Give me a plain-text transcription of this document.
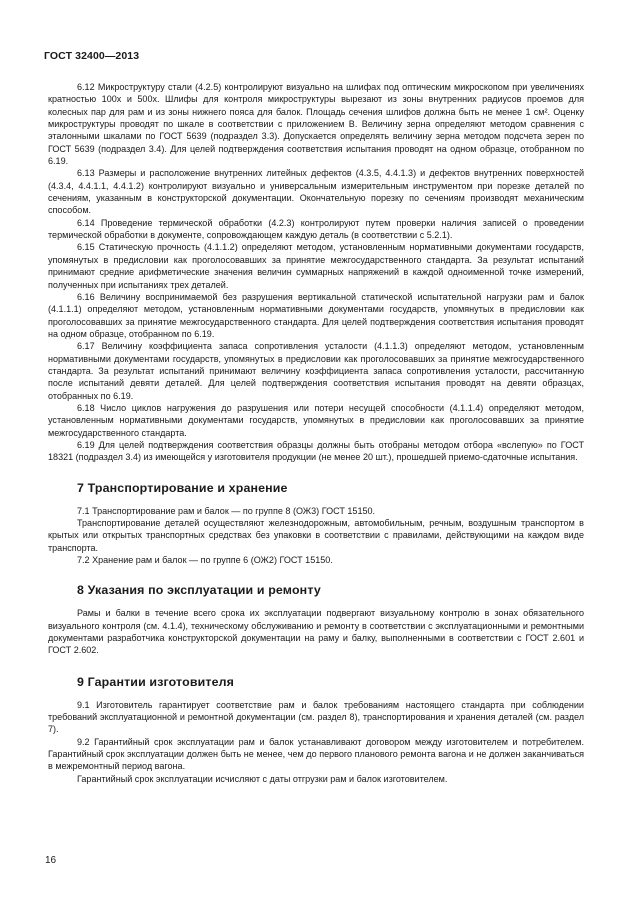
ГОСТ 32400—2013

6.12 Микроструктуру стали (4.2.5) контролируют визуально на шлифах под оптическим микроскопом при увеличениях кратностью 100х и 500х. Шлифы для контроля микроструктуры вырезают из зоны внутренних радиусов проемов для колесных пар для рам и из зоны нижнего пояса для балок. Площадь сечения шлифов должна быть не менее 1 см². Оценку микроструктуры проводят по шкале в соответствии с приложением В. Величину зерна определяют методом сравнения с эталонными шкалами по ГОСТ 5639 (подраздел 3.3). Допускается определять величину зерна методом подсчета зерен по ГОСТ 5639 (подраздел 3.4). Для целей подтверждения соответствия испытания проводят на одном образце, отобранном по 6.19.

6.13 Размеры и расположение внутренних литейных дефектов (4.3.5, 4.4.1.3) и дефектов внутренних поверхностей (4.3.4, 4.4.1.1, 4.4.1.2) контролируют визуально и универсальным измерительным инструментом при порезке деталей по сечениям, указанным в конструкторской документации. Окончательную порезку по сечениям производят механическим способом.

6.14 Проведение термической обработки (4.2.3) контролируют путем проверки наличия записей о проведении термической обработки в документе, сопровождающем каждую деталь (в соответствии с 5.2.1).

6.15 Статическую прочность (4.1.1.2) определяют методом, установленным нормативными документами государств, упомянутых в предисловии как проголосовавших за принятие межгосударственного стандарта. За результат испытаний принимают средние арифметические значения величин суммарных напряжений в каждой одноименной точке измерений, полученных при испытаниях трех деталей.

6.16 Величину воспринимаемой без разрушения вертикальной статической испытательной нагрузки рам и балок (4.1.1.1) определяют методом, установленным нормативными документами государств, упомянутых в предисловии как проголосовавших за принятие межгосударственного стандарта. Для целей подтверждения соответствия испытания проводят на одном образце, отобранном по 6.19.

6.17 Величину коэффициента запаса сопротивления усталости (4.1.1.3) определяют методом, установленным нормативными документами государств, упомянутых в предисловии как проголосовавших за принятие межгосударственного стандарта. За результат испытаний принимают величину коэффициента запаса сопротивления усталости, рассчитанную после испытаний девяти деталей. Для целей подтверждения соответствия испытания проводят на девяти образцах, отобранных по 6.19.

6.18 Число циклов нагружения до разрушения или потери несущей способности (4.1.1.4) определяют методом, установленным нормативными документами государств, упомянутых в предисловии как проголосовавших за принятие межгосударственного стандарта.

6.19 Для целей подтверждения соответствия образцы должны быть отобраны методом отбора «вслепую» по ГОСТ 18321 (подраздел 3.4) из имеющейся у изготовителя продукции (не менее 20 шт.), прошедшей приемо-сдаточные испытания.

7 Транспортирование и хранение

7.1 Транспортирование рам и балок — по группе 8 (ОЖ3) ГОСТ 15150.

Транспортирование деталей осуществляют железнодорожным, автомобильным, речным, воздушным транспортом в крытых или открытых транспортных средствах без упаковки в соответствии с правилами, действующими на каждом виде транспорта.

7.2 Хранение рам и балок — по группе 6 (ОЖ2) ГОСТ 15150.

8 Указания по эксплуатации и ремонту

Рамы и балки в течение всего срока их эксплуатации подвергают визуальному контролю в зонах обязательного визуального контроля (см. 4.1.4), техническому обслуживанию и ремонту в соответствии с эксплуатационными и ремонтными документами разработчика конструкторской документации на раму и балку, выполненными в соответствии с ГОСТ 2.601 и ГОСТ 2.602.

9 Гарантии изготовителя

9.1 Изготовитель гарантирует соответствие рам и балок требованиям настоящего стандарта при соблюдении требований эксплуатационной и ремонтной документации (см. раздел 8), транспортирования и хранения деталей (см. раздел 7).

9.2 Гарантийный срок эксплуатации рам и балок устанавливают договором между изготовителем и потребителем. Гарантийный срок эксплуатации должен быть не менее, чем до первого планового ремонта вагона и не должен заканчиваться в межремонтный период вагона.

Гарантийный срок эксплуатации исчисляют с даты отгрузки рам и балок изготовителем.

16
